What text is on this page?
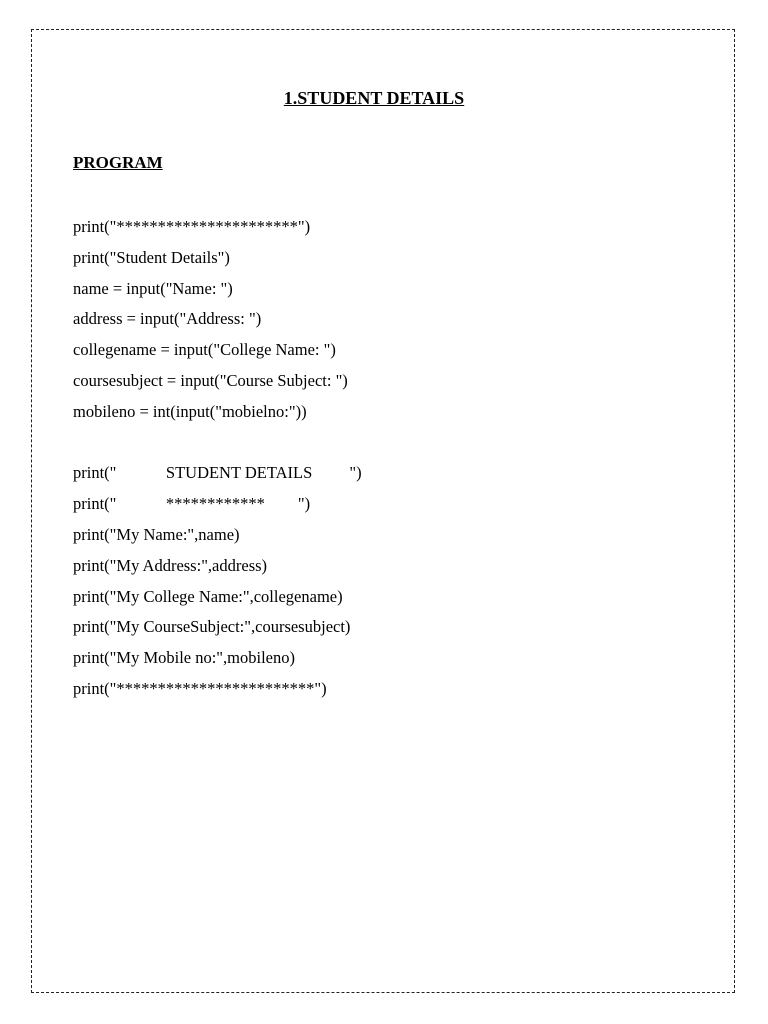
1.STUDENT DETAILS
PROGRAM
print("**********************")
print("Student Details")
name = input("Name: ")
address = input("Address: ")
collegename = input("College Name: ")
coursesubject = input("Course Subject: ")
mobileno = int(input("mobielno:"))
print("            STUDENT DETAILS         ")
print("            ************        ")
print("My Name:",name)
print("My Address:",address)
print("My College Name:",collegename)
print("My CourseSubject:",coursesubject)
print("My Mobile no:",mobileno)
print("************************")
